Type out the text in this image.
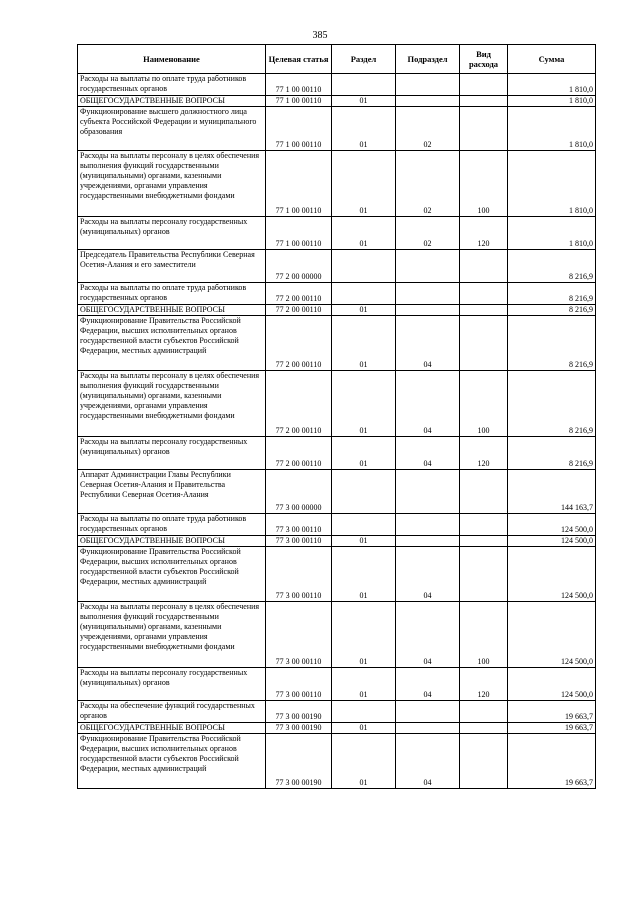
385
Наименование	Целевая статья	Раздел	Подраздел	Вид расхода	Сумма
Расходы на выплаты по оплате труда работников государственных органов	77 1 00 00110				1 810,0
ОБЩЕГОСУДАРСТВЕННЫЕ ВОПРОСЫ	77 1 00 00110	01			1 810,0
Функционирование высшего должностного лица субъекта Российской Федерации и муниципального образования	77 1 00 00110	01	02		1 810,0
Расходы на выплаты персоналу в целях обеспечения выполнения функций государственными (муниципальными) органами, казенными учреждениями, органами управления государственными внебюджетными фондами	77 1 00 00110	01	02	100	1 810,0
Расходы на выплаты персоналу государственных (муниципальных) органов	77 1 00 00110	01	02	120	1 810,0
Председатель Правительства Республики Северная Осетия-Алания и его заместители	77 2 00 00000				8 216,9
Расходы на выплаты по оплате труда работников государственных органов	77 2 00 00110				8 216,9
ОБЩЕГОСУДАРСТВЕННЫЕ ВОПРОСЫ	77 2 00 00110	01			8 216,9
Функционирование Правительства Российской Федерации, высших исполнительных органов государственной власти субъектов Российской Федерации, местных администраций	77 2 00 00110	01	04		8 216,9
Расходы на выплаты персоналу в целях обеспечения выполнения функций государственными (муниципальными) органами, казенными учреждениями, органами управления государственными внебюджетными фондами	77 2 00 00110	01	04	100	8 216,9
Расходы на выплаты персоналу государственных (муниципальных) органов	77 2 00 00110	01	04	120	8 216,9
Аппарат Администрации Главы Республики Северная Осетия-Алания и Правительства Республики Северная Осетия-Алания	77 3 00 00000				144 163,7
Расходы на выплаты по оплате труда работников государственных органов	77 3 00 00110				124 500,0
ОБЩЕГОСУДАРСТВЕННЫЕ ВОПРОСЫ	77 3 00 00110	01			124 500,0
Функционирование Правительства Российской Федерации, высших исполнительных органов государственной власти субъектов Российской Федерации, местных администраций	77 3 00 00110	01	04		124 500,0
Расходы на выплаты персоналу в целях обеспечения выполнения функций государственными (муниципальными) органами, казенными учреждениями, органами управления государственными внебюджетными фондами	77 3 00 00110	01	04	100	124 500,0
Расходы на выплаты персоналу государственных (муниципальных) органов	77 3 00 00110	01	04	120	124 500,0
Расходы на обеспечение функций государственных органов	77 3 00 00190				19 663,7
ОБЩЕГОСУДАРСТВЕННЫЕ ВОПРОСЫ	77 3 00 00190	01			19 663,7
Функционирование Правительства Российской Федерации, высших исполнительных органов государственной власти субъектов Российской Федерации, местных администраций	77 3 00 00190	01	04		19 663,7
